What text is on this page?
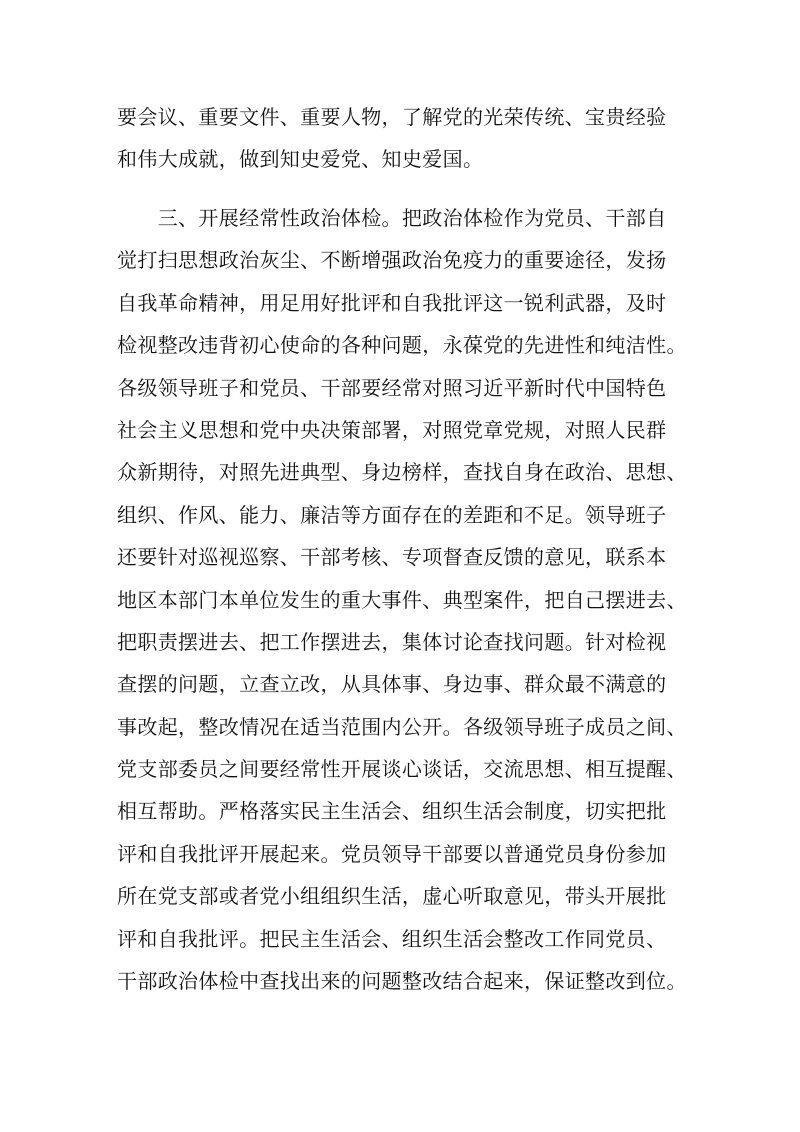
要会议、重要文件、重要人物，了解党的光荣传统、宝贵经验
和伟大成就，做到知史爱党、知史爱国。
　　三、开展经常性政治体检。把政治体检作为党员、干部自
觉打扫思想政治灰尘、不断增强政治免疫力的重要途径，发扬
自我革命精神，用足用好批评和自我批评这一锐利武器，及时
检视整改违背初心使命的各种问题，永葆党的先进性和纯洁性。
各级领导班子和党员、干部要经常对照习近平新时代中国特色
社会主义思想和党中央决策部署，对照党章党规，对照人民群
众新期待，对照先进典型、身边榜样，查找自身在政治、思想、
组织、作风、能力、廉洁等方面存在的差距和不足。领导班子
还要针对巡视巡察、干部考核、专项督查反馈的意见，联系本
地区本部门本单位发生的重大事件、典型案件，把自己摆进去、
把职责摆进去、把工作摆进去，集体讨论查找问题。针对检视
查摆的问题，立查立改，从具体事、身边事、群众最不满意的
事改起，整改情况在适当范围内公开。各级领导班子成员之间、
党支部委员之间要经常性开展谈心谈话，交流思想、相互提醒、
相互帮助。严格落实民主生活会、组织生活会制度，切实把批
评和自我批评开展起来。党员领导干部要以普通党员身份参加
所在党支部或者党小组组织生活，虚心听取意见，带头开展批
评和自我批评。把民主生活会、组织生活会整改工作同党员、
干部政治体检中查找出来的问题整改结合起来，保证整改到位。
